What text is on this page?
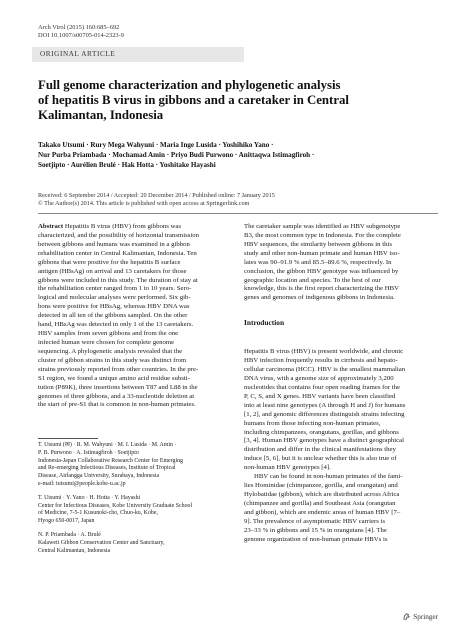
Arch Virol (2015) 160:685–692
DOI 10.1007/s00705-014-2323-9
ORIGINAL ARTICLE
Full genome characterization and phylogenetic analysis
of hepatitis B virus in gibbons and a caretaker in Central
Kalimantan, Indonesia
Takako Utsumi · Rury Mega Wahyuni · Maria Inge Lusida · Yoshihiko Yano ·
Nur Purba Priambada · Mochamad Amin · Priyo Budi Purwono · Anittaqwa Istimagfiroh ·
Soetjipto · Aurélien Brulé · Hak Hotta · Yoshitake Hayashi
Received: 6 September 2014 / Accepted: 20 December 2014 / Published online: 7 January 2015
© The Author(s) 2014. This article is published with open access at Springerlink.com

Abstract Hepatitis B virus (HBV) from gibbons was
characterized, and the possibility of horizontal transmission
between gibbons and humans was examined in a gibbon
rehabilitation center in Central Kalimantan, Indonesia. Ten
gibbons that were positive for the hepatitis B surface
antigen (HBsAg) on arrival and 13 caretakers for those
gibbons were included in this study. The duration of stay at
the rehabilitation center ranged from 1 to 10 years. Sero-
logical and molecular analyses were performed. Six gib-
bons were positive for HBsAg, whereas HBV DNA was
detected in all ten of the gibbons sampled. On the other
hand, HBsAg was detected in only 1 of the 13 caretakers.
HBV samples from seven gibbons and from the one
infected human were chosen for complete genome
sequencing. A phylogenetic analysis revealed that the
cluster of gibbon strains in this study was distinct from
strains previously reported from other countries. In the pre-
S1 region, we found a unique amino acid residue substi-
tution (P89K), three insertions between T87 and L88 in the
genomes of three gibbons, and a 33-nucleotide deletion at
the start of pre-S1 that is common in non-human primates.

T. Utsumi (✉) · R. M. Wahyuni · M. I. Lusida · M. Amin ·
P. B. Purwono · A. Istimagfiroh · Soetjipto
Indonesia-Japan Collaborative Research Center for Emerging
and Re-emerging Infectious Diseases, Institute of Tropical
Disease, Airlangga University, Surabaya, Indonesia
e-mail: tutsumi@people.kobe-u.ac.jp
T. Utsumi · Y. Yano · H. Hotta · Y. Hayashi
Center for Infectious Diseases, Kobe University Graduate School
of Medicine, 7-5-1 Kusunoki-cho, Chuo-ku, Kobe,
Hyogo 650-0017, Japan
N. P. Priambada · A. Brulé
Kalaweit Gibbon Conservation Center and Sanctuary,
Central Kalimantan, Indonesia

The caretaker sample was identified as HBV subgenotype
B3, the most common type in Indonesia. For the complete
HBV sequences, the similarity between gibbons in this
study and other non-human primate and human HBV iso-
lates was 90–91.9 % and 85.5–89.6 %, respectively. In
conclusion, the gibbon HBV genotype was influenced by
geographic location and species. To the best of our
knowledge, this is the first report characterizing the HBV
genes and genomes of indigenous gibbons in Indonesia.

Introduction

Hepatitis B virus (HBV) is present worldwide, and chronic
HBV infection frequently results in cirrhosis and hepato-
cellular carcinoma (HCC). HBV is the smallest mammalian
DNA virus, with a genome size of approximately 3,200
nucleotides that contains four open reading frames for the
P, C, S, and X genes. HBV variants have been classified
into at least nine genotypes (A through H and J) for humans
[1, 2], and genomic differences distinguish strains infecting
humans from those infecting non-human primates,
including chimpanzees, orangutans, gorillas, and gibbons
[3, 4]. Human HBV genotypes have a distinct geographical
distribution and differ in the clinical manifestations they
induce [5, 6], but it is unclear whether this is also true of
non-human HBV genotypes [4].

HBV can be found in non-human primates of the fami-
lies Hominidae (chimpanzee, gorilla, and orangutan) and
Hylobatidae (gibbon), which are distributed across Africa
(chimpanzee and gorilla) and Southeast Asia (orangutan
and gibbon), which are endemic areas of human HBV [7–
9]. The prevalence of asymptomatic HBV carriers is
23–33 % in gibbons and 15 % in orangutans [4]. The
genome organization of non-human primate HBVs is

Springer
